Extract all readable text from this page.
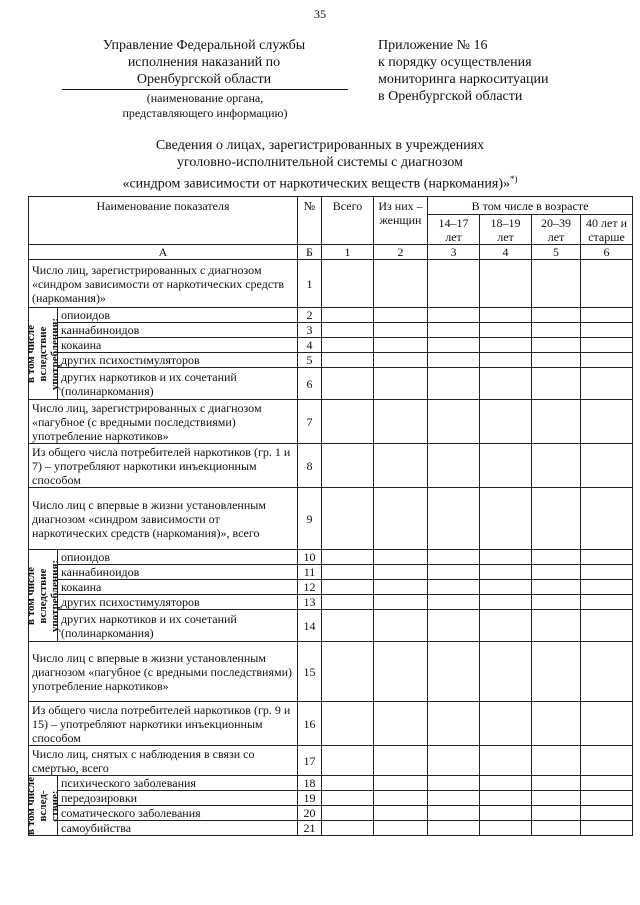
35
Управление Федеральной службы
исполнения наказаний по
Оренбургской области
(наименование органа,
представляющего информацию)
Приложение № 16
к порядку осуществления
мониторинга наркоситуации
в Оренбургской области
Сведения о лицах, зарегистрированных в учреждениях
уголовно-исполнительной системы с диагнозом
«синдром зависимости от наркотических веществ (наркомания)»*)
Наименование показателя		№	Всего	Из них – женщин	В том числе в возрасте			
					14–17 лет	18–19 лет	20–39 лет	40 лет и старше
А		Б	1	2	3	4	5	6
Число лиц, зарегистрированных с диагнозом «синдром зависимости от наркотических средств (наркомания)»		1						

в том числе вследствие употребления:	опиоидов	2						
	каннабиноидов	3						
	кокаина	4						
	других психостимуляторов	5						
	других наркотиков и их сочетаний (полинаркомания)	6						
Число лиц, зарегистрированных с диагнозом «пагубное (с вредными последствиями) употребление наркотиков»		7						
Из общего числа потребителей наркотиков (гр. 1 и 7) – употребляют наркотики инъекционным способом		8						
Число лиц с впервые в жизни установленным диагнозом «синдром зависимости от наркотических средств (наркомания)», всего		9						

в том числе вследствие употребления:	опиоидов	10						
	каннабиноидов	11						
	кокаина	12						
	других психостимуляторов	13						
	других наркотиков и их сочетаний (полинаркомания)	14						
Число лиц с впервые в жизни установленным диагнозом «пагубное (с вредными последствиями) употребление наркотиков»		15						
Из общего числа потребителей наркотиков (гр. 9 и 15) – употребляют наркотики инъекционным способом		16						
Число лиц, снятых с наблюдения в связи со смертью, всего		17						

в том числе вслед- ствие:	психического заболевания	18						
	передозировки	19						
	соматического заболевания	20						
	самоубийства	21						
